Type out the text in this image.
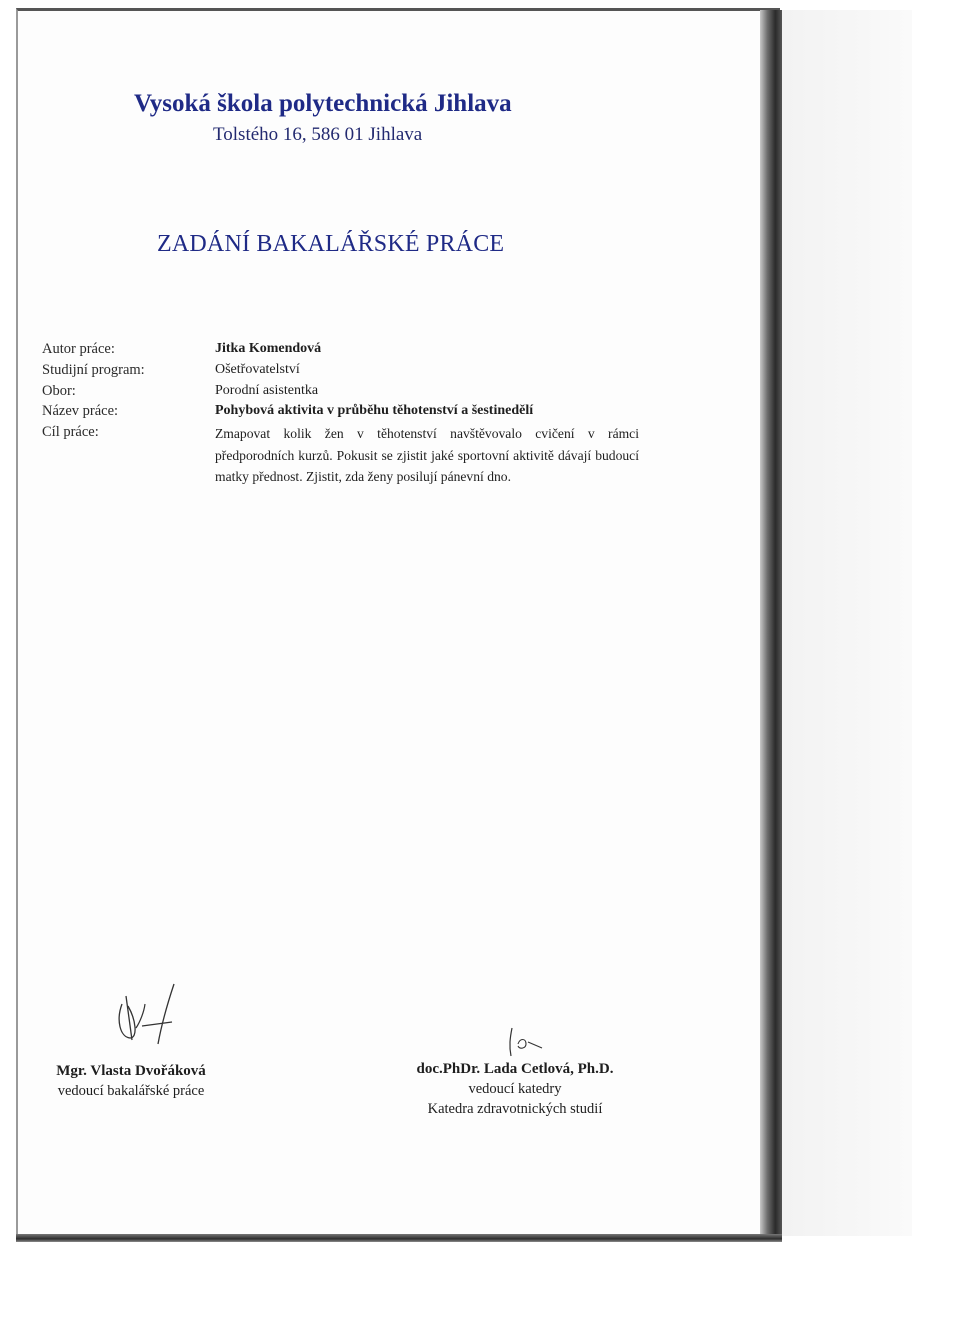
Vysoká škola polytechnická Jihlava
Tolstého 16, 586 01 Jihlava
ZADÁNÍ BAKALÁŘSKÉ PRÁCE
Autor práce:	Jitka Komendová
Studijní program:	Ošetřovatelství
Obor:	Porodní asistentka
Název práce:	Pohybová aktivita v průběhu těhotenství a šestinedělí
Cíl práce:	Zmapovat kolik žen v těhotenství navštěvovalo cvičení v rámci předporodních kurzů. Pokusit se zjistit jaké sportovní aktivitě dávají budoucí matky přednost. Zjistit, zda ženy posilují pánevní dno.
Mgr. Vlasta Dvořáková
vedoucí bakalářské práce
doc.PhDr. Lada Cetlová, Ph.D.
vedoucí katedry
Katedra zdravotnických studií
